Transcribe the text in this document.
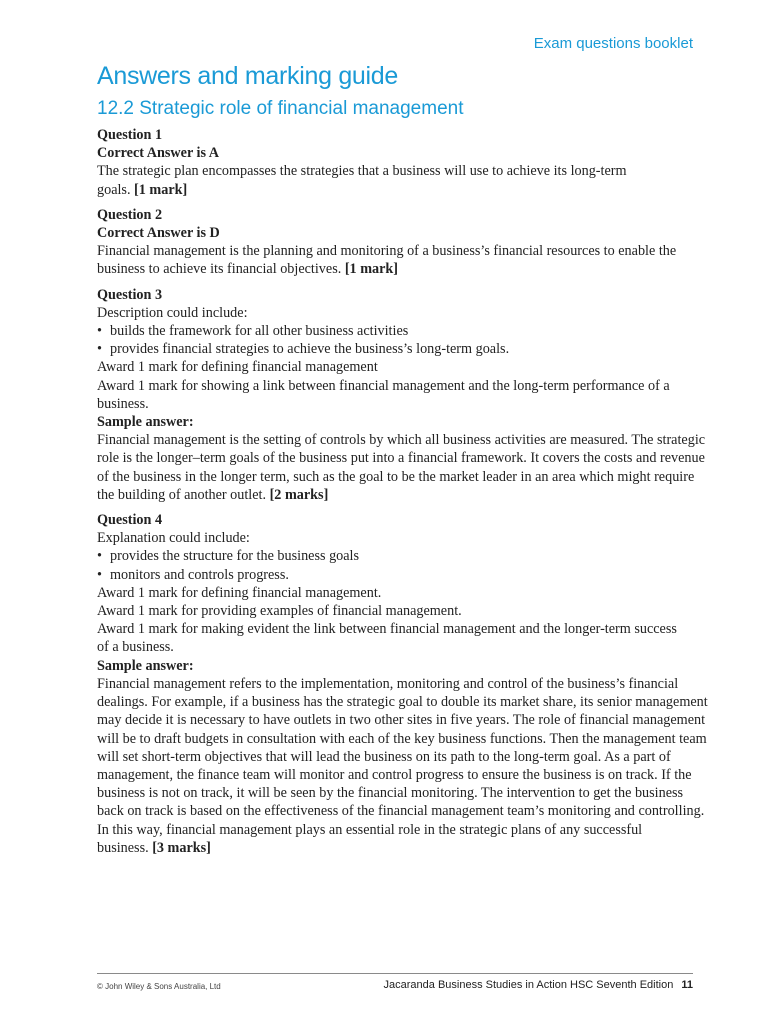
Exam questions booklet
Answers and marking guide
12.2 Strategic role of financial management
Question 1
Correct Answer is A
The strategic plan encompasses the strategies that a business will use to achieve its long-term
goals. [1 mark]
Question 2
Correct Answer is D
Financial management is the planning and monitoring of a business’s financial resources to enable the
business to achieve its financial objectives. [1 mark]
Question 3
Description could include:
• builds the framework for all other business activities
• provides financial strategies to achieve the business’s long-term goals.
Award 1 mark for defining financial management
Award 1 mark for showing a link between financial management and the long-term performance of a
business.
Sample answer:
Financial management is the setting of controls by which all business activities are measured. The strategic
role is the longer–term goals of the business put into a financial framework. It covers the costs and revenue
of the business in the longer term, such as the goal to be the market leader in an area which might require
the building of another outlet. [2 marks]
Question 4
Explanation could include:
• provides the structure for the business goals
• monitors and controls progress.
Award 1 mark for defining financial management.
Award 1 mark for providing examples of financial management.
Award 1 mark for making evident the link between financial management and the longer-term success
of a business.
Sample answer:
Financial management refers to the implementation, monitoring and control of the business’s financial
dealings. For example, if a business has the strategic goal to double its market share, its senior management
may decide it is necessary to have outlets in two other sites in five years. The role of financial management
will be to draft budgets in consultation with each of the key business functions. Then the management team
will set short-term objectives that will lead the business on its path to the long-term goal. As a part of
management, the finance team will monitor and control progress to ensure the business is on track. If the
business is not on track, it will be seen by the financial monitoring. The intervention to get the business
back on track is based on the effectiveness of the financial management team’s monitoring and controlling.
In this way, financial management plays an essential role in the strategic plans of any successful
business. [3 marks]
© John Wiley & Sons Australia, Ltd	Jacaranda Business Studies in Action HSC Seventh Edition 11
